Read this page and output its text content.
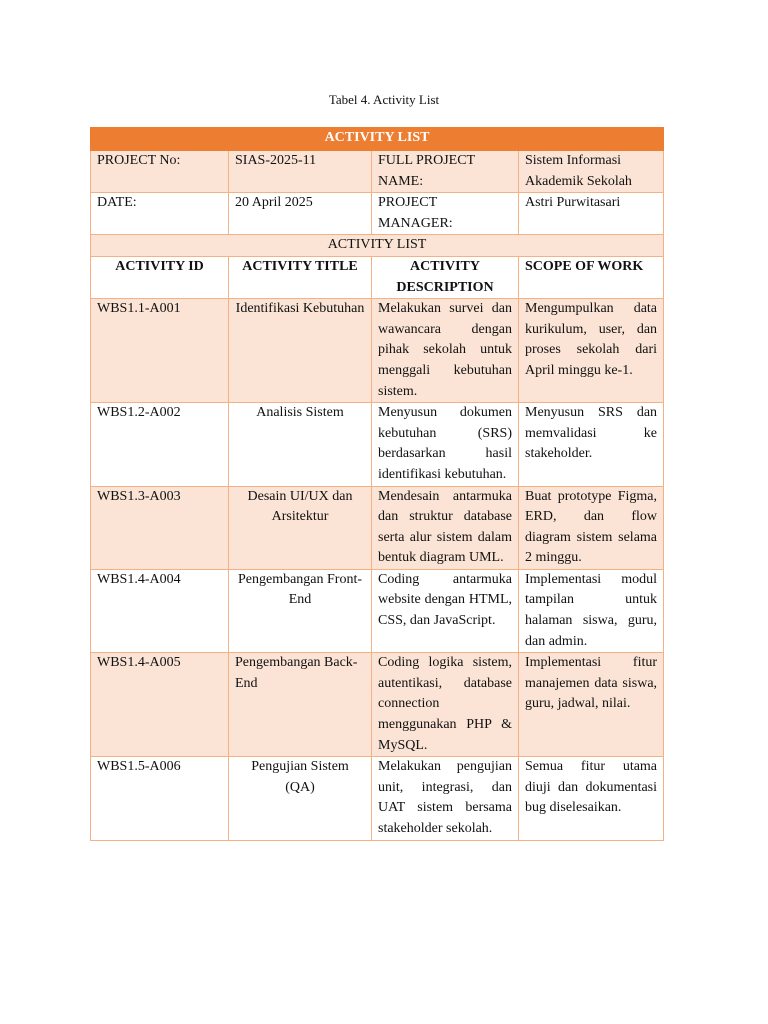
Tabel 4. Activity List
ACTIVITY LIST			
PROJECT No:	SIAS-2025-11	FULL PROJECT NAME:	Sistem Informasi Akademik Sekolah
DATE:	20 April 2025	PROJECT MANAGER:	Astri Purwitasari
ACTIVITY LIST			
ACTIVITY ID	ACTIVITY TITLE	ACTIVITY DESCRIPTION	SCOPE OF WORK
WBS1.1-A001	Identifikasi Kebutuhan	Melakukan survei dan wawancara dengan pihak sekolah untuk menggali kebutuhan sistem.	Mengumpulkan data kurikulum, user, dan proses sekolah dari April minggu ke-1.
WBS1.2-A002	Analisis Sistem	Menyusun dokumen kebutuhan (SRS) berdasarkan hasil identifikasi kebutuhan.	Menyusun SRS dan memvalidasi ke stakeholder.
WBS1.3-A003	Desain UI/UX dan Arsitektur	Mendesain antarmuka dan struktur database serta alur sistem dalam bentuk diagram UML.	Buat prototype Figma, ERD, dan flow diagram sistem selama 2 minggu.
WBS1.4-A004	Pengembangan Front-End	Coding antarmuka website dengan HTML, CSS, dan JavaScript.	Implementasi modul tampilan untuk halaman siswa, guru, dan admin.
WBS1.4-A005	Pengembangan Back-End	Coding logika sistem, autentikasi, database connection menggunakan PHP & MySQL.	Implementasi fitur manajemen data siswa, guru, jadwal, nilai.
WBS1.5-A006	Pengujian Sistem (QA)	Melakukan pengujian unit, integrasi, dan UAT sistem bersama stakeholder sekolah.	Semua fitur utama diuji dan dokumentasi bug diselesaikan.
